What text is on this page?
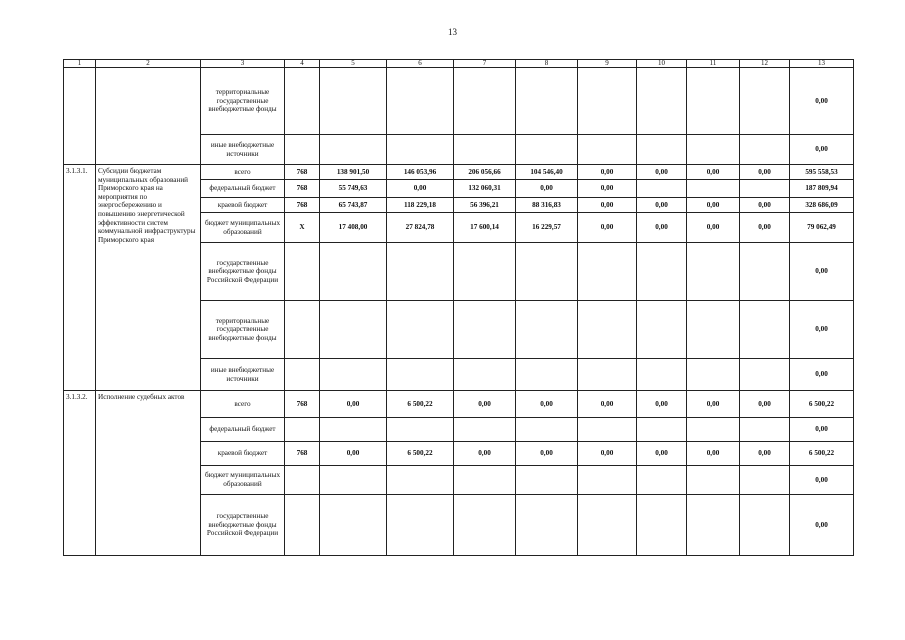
13
1	2	3	4	5	6	7	8	9	10	11	12	13
		территориальные государственные внебюджетные фонды										0,00
		иные внебюджетные источники										0,00
3.1.3.1.	Субсидии бюджетам муниципальных образований Приморского края на мероприятия по энергосбережению и повышению энергетической эффективности систем коммунальной инфраструктуры Приморского края	всего	768	138 901,50	146 053,96	206 056,66	104 546,40	0,00	0,00	0,00	0,00	595 558,53
		федеральный бюджет	768	55 749,63	0,00	132 060,31	0,00	0,00				187 809,94
		краевой бюджет	768	65 743,87	118 229,18	56 396,21	88 316,83	0,00	0,00	0,00	0,00	328 686,09
		бюджет муниципальных образований	X	17 408,00	27 824,78	17 600,14	16 229,57	0,00	0,00	0,00	0,00	79 062,49
		государственные внебюджетные фонды Российской Федерации										0,00
		территориальные государственные внебюджетные фонды										0,00
		иные внебюджетные источники										0,00
3.1.3.2.	Исполнение судебных актов	всего	768	0,00	6 500,22	0,00	0,00	0,00	0,00	0,00	0,00	6 500,22
		федеральный бюджет										0,00
		краевой бюджет	768	0,00	6 500,22	0,00	0,00	0,00	0,00	0,00	0,00	6 500,22
		бюджет муниципальных образований										0,00
		государственные внебюджетные фонды Российской Федерации										0,00
